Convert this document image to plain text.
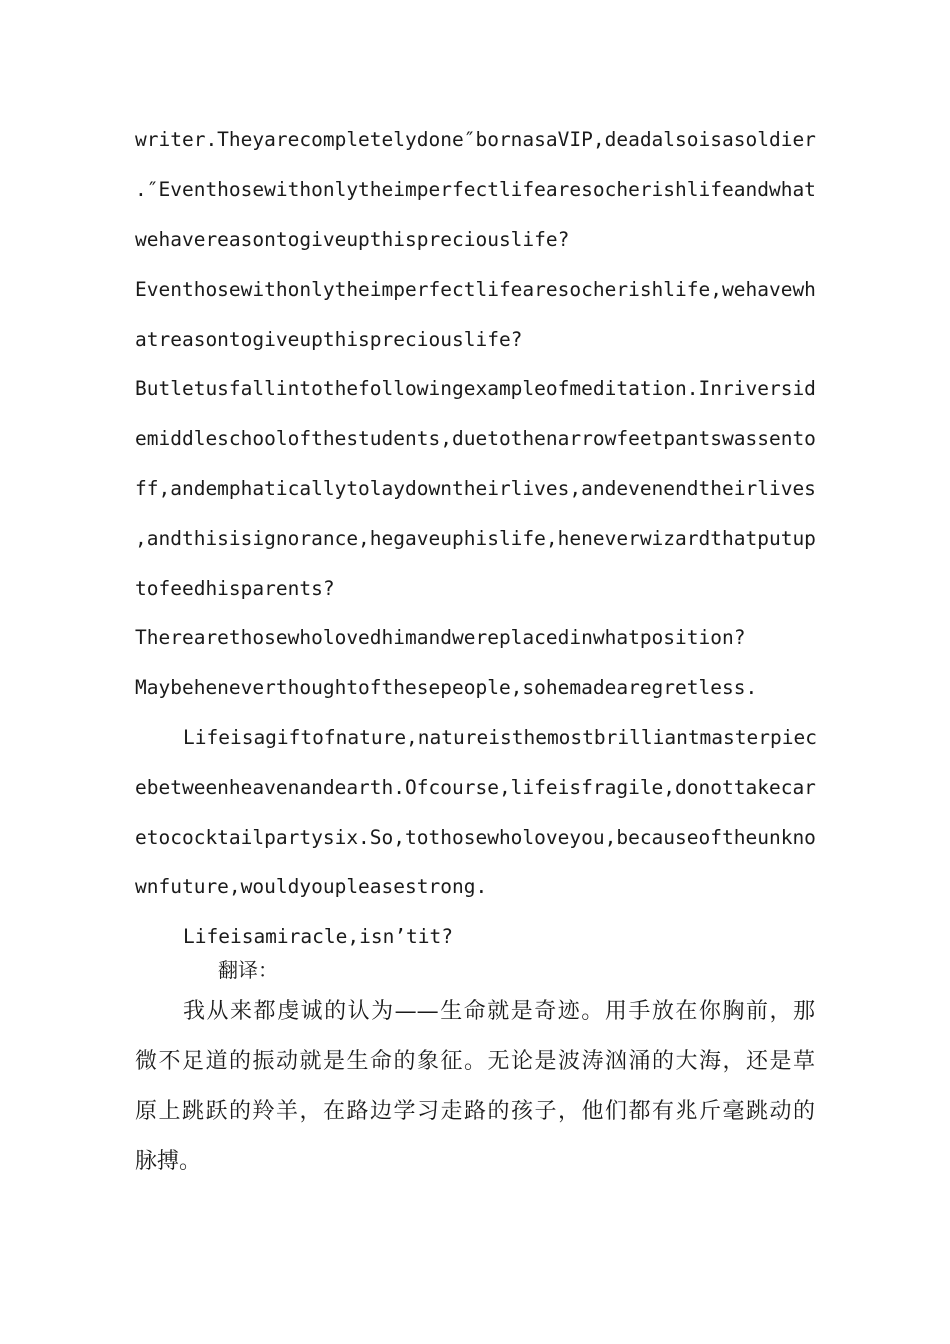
writer.Theyarecompletelydone″bornasaVIP,deadalsoisasoldier
.″Eventhosewithonlytheimperfectlifearesocherishlifeandwhat
wehavereasontogiveupthispreciouslife?
Eventhosewithonlytheimperfectlifearesocherishlife,wehavewh
atreasontogiveupthispreciouslife?
Butletusfallintothefollowingexampleofmeditation.Inriversid
emiddleschoolofthestudents,duetothenarrowfeetpantswassento
ff,andemphaticallytolaydowntheirlives,andevenendtheirlives
,andthisisignorance,hegaveuphislife,heneverwizardthatputup
tofeedhisparents?
Therearethosewholovedhimandwereplacedinwhatposition?
Maybeheneverthoughtofthesepeople,sohemadearegretless.
Lifeisagiftofnature,natureisthemostbrilliantmasterpiec
ebetweenheavenandearth.Ofcourse,lifeisfragile,donottakecar
etococktailpartysix.So,tothosewholoveyou,becauseoftheunkno
wnfuture,wouldyoupleasestrong.
Lifeisamiracle,isn’tit?
翻译：
我从来都虔诚的认为——生命就是奇迹。用手放在你胸前，那
微不足道的振动就是生命的象征。无论是波涛汹涌的大海，还是草
原上跳跃的羚羊，在路边学习走路的孩子，他们都有兆斤毫跳动的
脉搏。
